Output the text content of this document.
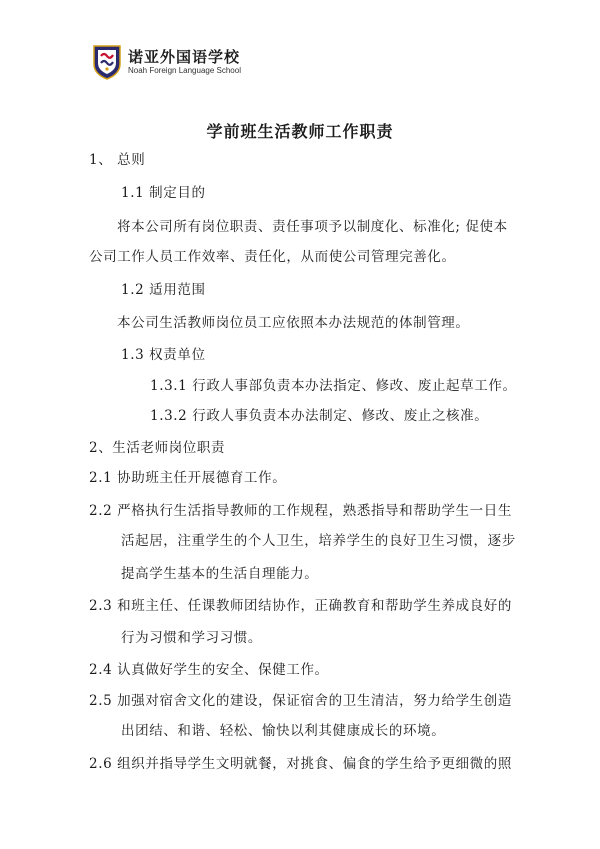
诺亚外国语学校
Noah Foreign Language School
学前班生活教师工作职责
1、 总则
1.1 制定目的
将本公司所有岗位职责、责任事项予以制度化、标准化; 促使本
公司工作人员工作效率、责任化，从而使公司管理完善化。
1.2 适用范围
本公司生活教师岗位员工应依照本办法规范的体制管理。
1.3 权责单位
1.3.1 行政人事部负责本办法指定、修改、废止起草工作。
1.3.2 行政人事负责本办法制定、修改、废止之核准。
2、生活老师岗位职责
2.1 协助班主任开展德育工作。
2.2 严格执行生活指导教师的工作规程，熟悉指导和帮助学生一日生
活起居，注重学生的个人卫生，培养学生的良好卫生习惯，逐步
提高学生基本的生活自理能力。
2.3 和班主任、任课教师团结协作，正确教育和帮助学生养成良好的
行为习惯和学习习惯。
2.4 认真做好学生的安全、保健工作。
2.5 加强对宿舍文化的建设，保证宿舍的卫生清洁，努力给学生创造
出团结、和谐、轻松、愉快以利其健康成长的环境。
2.6 组织并指导学生文明就餐，对挑食、偏食的学生给予更细微的照
